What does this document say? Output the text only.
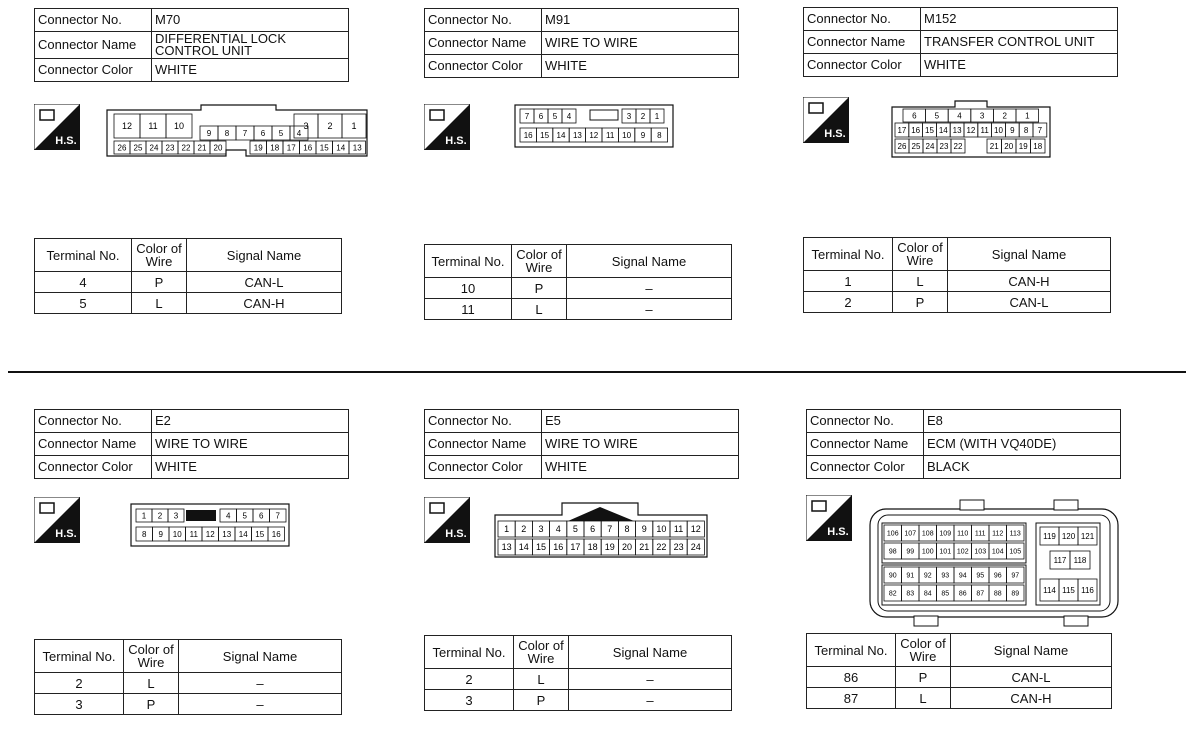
Connector No.	M70
Connector Name	DIFFERENTIAL LOCK CONTROL UNIT
Connector Color	WHITE
H.S.
12 11 10
9 8 7 6 5 4
3 2 1
26 25 24 23 22 21 20	19 18 17 16 15 14 13
Terminal No.	Color of Wire	Signal Name
4	P	CAN-L
5	L	CAN-H
Connector No.	M91
Connector Name	WIRE TO WIRE
Connector Color	WHITE
H.S.
7 6 5 4	3 2 1
16 15 14 13 12 11 10 9 8
Terminal No.	Color of Wire	Signal Name
10	P	–
11	L	–
Connector No.	M152
Connector Name	TRANSFER CONTROL UNIT
Connector Color	WHITE
H.S.
6 5 4 3 2 1
17 16 15 14 13 12 11 10 9 8 7
26 25 24 23 22	21 20 19 18
Terminal No.	Color of Wire	Signal Name
1	L	CAN-H
2	P	CAN-L
Connector No.	E2
Connector Name	WIRE TO WIRE
Connector Color	WHITE
H.S.
1 2 3	4 5 6 7
8 9 10 11 12 13 14 15 16
Terminal No.	Color of Wire	Signal Name
2	L	–
3	P	–
Connector No.	E5
Connector Name	WIRE TO WIRE
Connector Color	WHITE
H.S.	1 2 3 4 5 6 7 8 9 10 11 12
13 14 15 16 17 18 19 20 21 22 23 24
Terminal No.	Color of Wire	Signal Name
2	L	–
3	P	–
Connector No.	E8
Connector Name	ECM (WITH VQ40DE)
Connector Color	BLACK
H.S.	106 107 108 109 110 111 112 113
98 99 100 101 102 103 104 105
90 91 92 93 94 95 96 97
82 83 84 85 86 87 88 89
119 120 121
117 118
114 115 116
Terminal No.	Color of Wire	Signal Name
86	P	CAN-L
87	L	CAN-H
